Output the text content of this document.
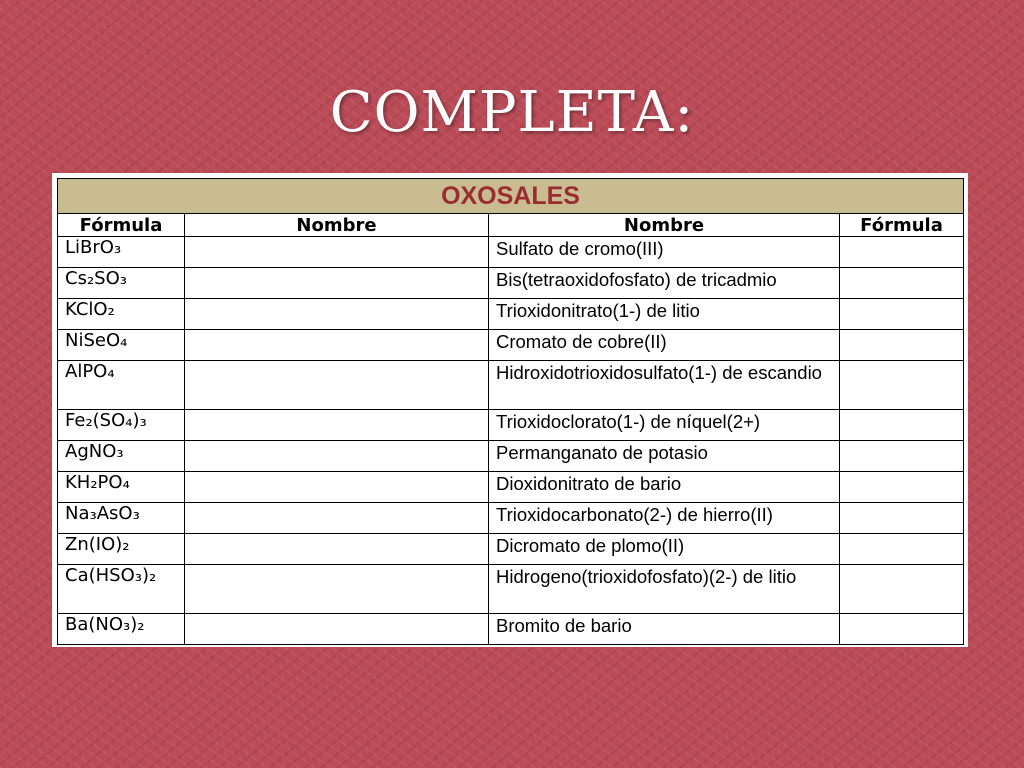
COMPLETA:
OXOSALES			
Fórmula	Nombre	Nombre	Fórmula
LiBrO₃		Sulfato de cromo(III)	
Cs₂SO₃		Bis(tetraoxidofosfato) de tricadmio	
KClO₂		Trioxidonitrato(1-) de litio	
NiSeO₄		Cromato de cobre(II)	
AlPO₄		Hidroxidotrioxidosulfato(1-) de escandio	
Fe₂(SO₄)₃		Trioxidoclorato(1-) de níquel(2+)	
AgNO₃		Permanganato de potasio	
KH₂PO₄		Dioxidonitrato de bario	
Na₃AsO₃		Trioxidocarbonato(2-) de hierro(II)	
Zn(IO)₂		Dicromato de plomo(II)	
Ca(HSO₃)₂		Hidrogeno(trioxidofosfato)(2-) de litio	
Ba(NO₃)₂		Bromito de bario	
